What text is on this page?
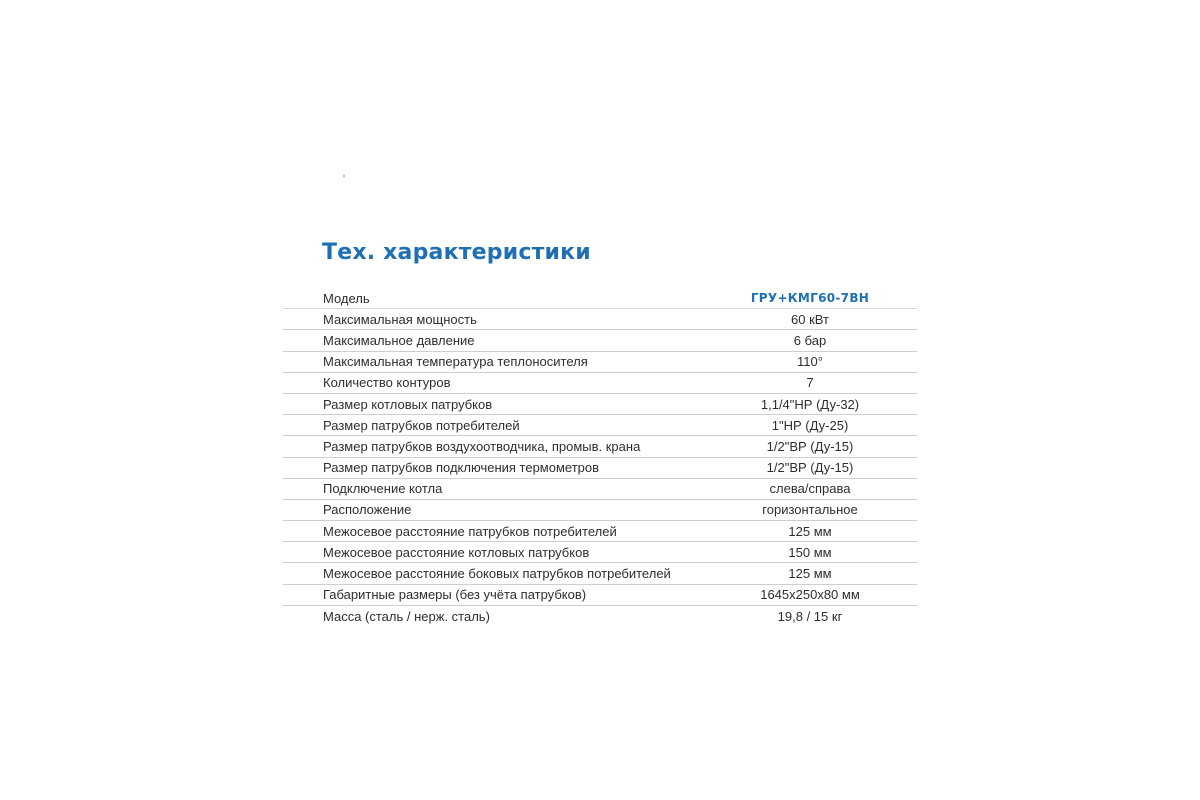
Тех. характеристики
Модель	ГРУ+КМГ60-7ВН
Максимальная мощность	60 кВт
Максимальное давление	6 бар
Максимальная температура теплоносителя	110°
Количество контуров	7
Размер котловых патрубков	1,1/4"НР (Ду-32)
Размер патрубков потребителей	1"НР (Ду-25)
Размер патрубков воздухоотводчика, промыв. крана	1/2"ВР (Ду-15)
Размер патрубков подключения термометров	1/2"ВР (Ду-15)
Подключение котла	слева/справа
Расположение	горизонтальное
Межосевое расстояние патрубков потребителей	125 мм
Межосевое расстояние котловых патрубков	150 мм
Межосевое расстояние боковых патрубков потребителей	125 мм
Габаритные размеры (без учёта патрубков)	1645x250x80 мм
Масса (сталь / нерж. сталь)	19,8 / 15 кг
